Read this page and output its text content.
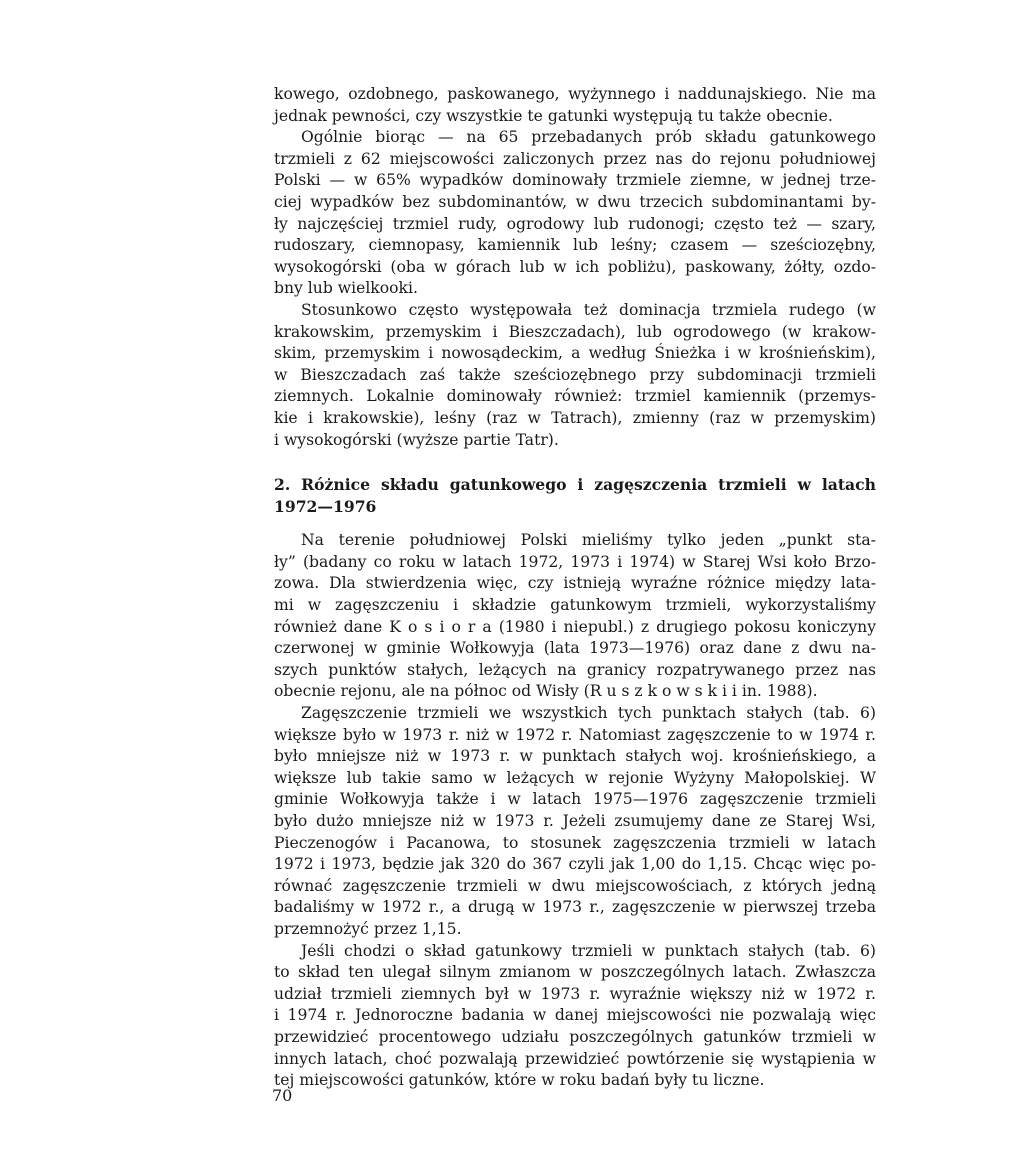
kowego, ozdobnego, paskowanego, wyżynnego i naddunajskiego. Nie ma
jednak pewności, czy wszystkie te gatunki występują tu także obecnie.
Ogólnie biorąc — na 65 przebadanych prób składu gatunkowego
trzmieli z 62 miejscowości zaliczonych przez nas do rejonu południowej
Polski — w 65% wypadków dominowały trzmiele ziemne, w jednej trze-
ciej wypadków bez subdominantów, w dwu trzecich subdominantami by-
ły najczęściej trzmiel rudy, ogrodowy lub rudonogi; często też — szary,
rudoszary, ciemnopasy, kamiennik lub leśny; czasem — sześciozębny,
wysokogórski (oba w górach lub w ich pobliżu), paskowany, żółty, ozdo-
bny lub wielkooki.
Stosunkowo często występowała też dominacja trzmiela rudego (w
krakowskim, przemyskim i Bieszczadach), lub ogrodowego (w krakow-
skim, przemyskim i nowosądeckim, a według Śnieżka i w krośnieńskim),
w Bieszczadach zaś także sześciozębnego przy subdominacji trzmieli
ziemnych. Lokalnie dominowały również: trzmiel kamiennik (przemys-
kie i krakowskie), leśny (raz w Tatrach), zmienny (raz w przemyskim)
i wysokogórski (wyższe partie Tatr).
2. Różnice składu gatunkowego i zagęszczenia trzmieli w latach
1972—1976
Na terenie południowej Polski mieliśmy tylko jeden „punkt sta-
ły” (badany co roku w latach 1972, 1973 i 1974) w Starej Wsi koło Brzo-
zowa. Dla stwierdzenia więc, czy istnieją wyraźne różnice między lata-
mi w zagęszczeniu i składzie gatunkowym trzmieli, wykorzystaliśmy
również dane K o s i o r a (1980 i niepubl.) z drugiego pokosu koniczyny
czerwonej w gminie Wołkowyja (lata 1973—1976) oraz dane z dwu na-
szych punktów stałych, leżących na granicy rozpatrywanego przez nas
obecnie rejonu, ale na północ od Wisły (R u s z k o w s k i i in. 1988).
Zagęszczenie trzmieli we wszystkich tych punktach stałych (tab. 6)
większe było w 1973 r. niż w 1972 r. Natomiast zagęszczenie to w 1974 r.
było mniejsze niż w 1973 r. w punktach stałych woj. krośnieńskiego, a
większe lub takie samo w leżących w rejonie Wyżyny Małopolskiej. W
gminie Wołkowyja także i w latach 1975—1976 zagęszczenie trzmieli
było dużo mniejsze niż w 1973 r. Jeżeli zsumujemy dane ze Starej Wsi,
Pieczenogów i Pacanowa, to stosunek zagęszczenia trzmieli w latach
1972 i 1973, będzie jak 320 do 367 czyli jak 1,00 do 1,15. Chcąc więc po-
równać zagęszczenie trzmieli w dwu miejscowościach, z których jedną
badaliśmy w 1972 r., a drugą w 1973 r., zagęszczenie w pierwszej trzeba
przemnożyć przez 1,15.
Jeśli chodzi o skład gatunkowy trzmieli w punktach stałych (tab. 6)
to skład ten ulegał silnym zmianom w poszczególnych latach. Zwłaszcza
udział trzmieli ziemnych był w 1973 r. wyraźnie większy niż w 1972 r.
i 1974 r. Jednoroczne badania w danej miejscowości nie pozwalają więc
przewidzieć procentowego udziału poszczególnych gatunków trzmieli w
innych latach, choć pozwalają przewidzieć powtórzenie się wystąpienia w
tej miejscowości gatunków, które w roku badań były tu liczne.
70
